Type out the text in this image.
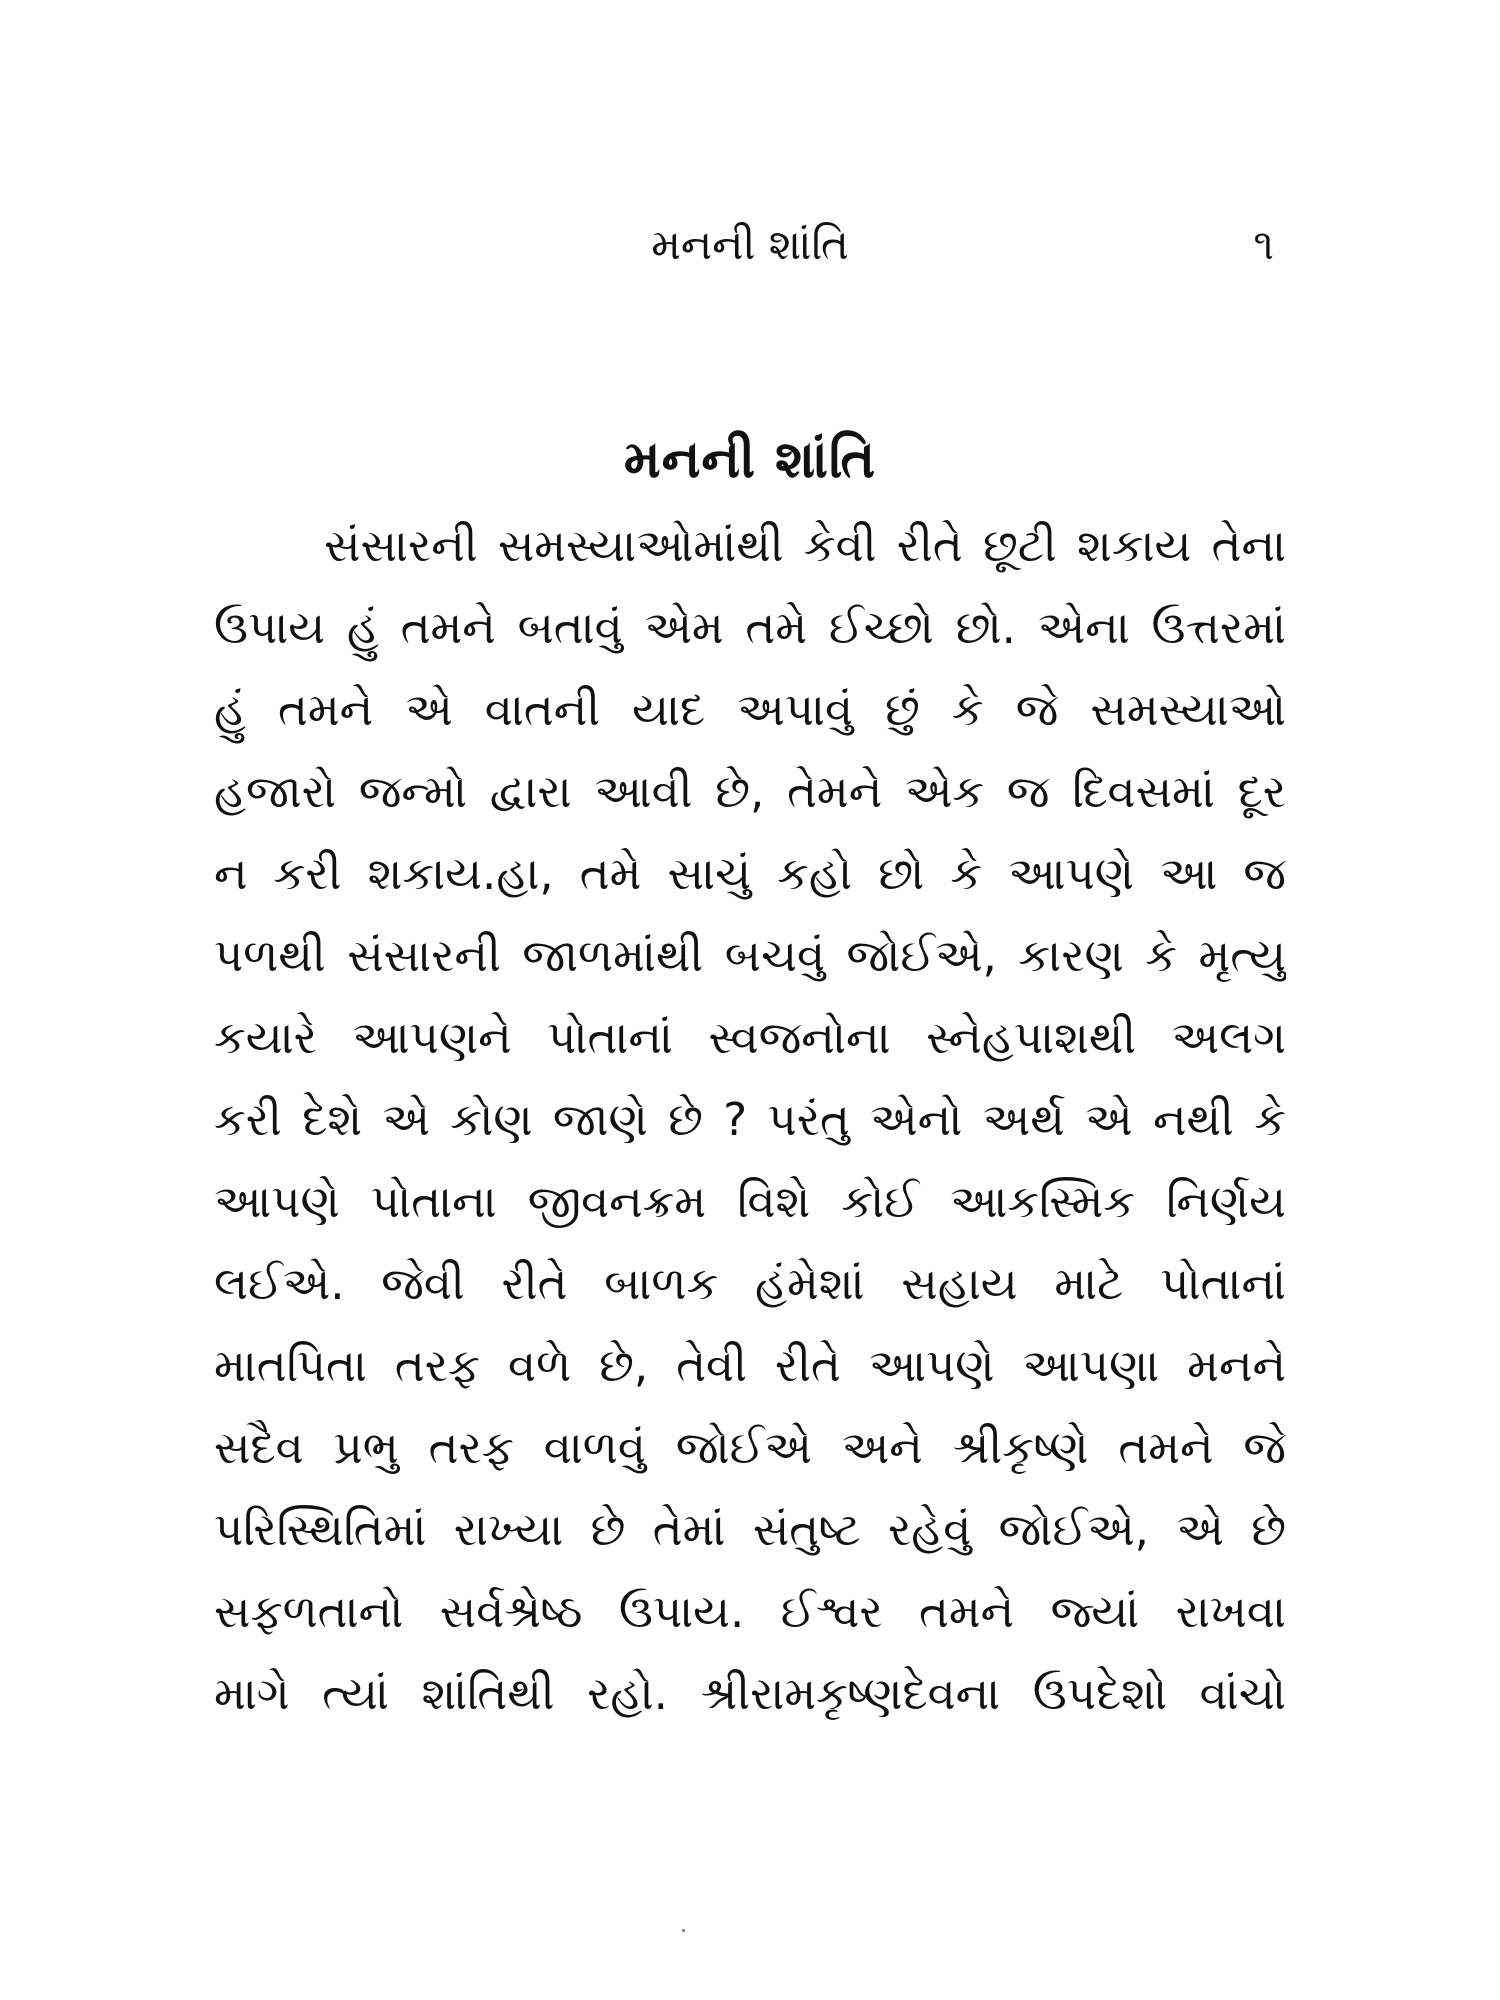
મનની શાંતિ	૧
મનની શાંતિ
સંસારની સમસ્યાઓમાંથી કેવી રીતે છૂટી શકાય તેના
ઉપાય હું તમને બતાવું એમ તમે ઈચ્છો છો. એના ઉત્તરમાં
હું તમને એ વાતની યાદ અપાવું છું કે જે સમસ્યાઓ
હજારો જન્મો દ્વારા આવી છે, તેમને એક જ દિવસમાં દૂર
ન કરી શકાય.હા, તમે સાચું કહો છો કે આપણે આ જ
પળથી સંસારની જાળમાંથી બચવું જોઈએ, કારણ કે મૃત્યુ
કયારે આપણને પોતાનાં સ્વજનોના સ્નેહપાશથી અલગ
કરી દેશે એ કોણ જાણે છે ? પરંતુ એનો અર્થ એ નથી કે
આપણે પોતાના જીવનક્રમ વિશે કોઈ આકસ્મિક નિર્ણય
લઈએ. જેવી રીતે બાળક હંમેશાં સહાય માટે પોતાનાં
માતપિતા તરફ વળે છે, તેવી રીતે આપણે આપણા મનને
સદૈવ પ્રભુ તરફ વાળવું જોઈએ અને શ્રીકૃષ્ણે તમને જે
પરિસ્થિતિમાં રાખ્યા છે તેમાં સંતુષ્ટ રહેવું જોઈએ, એ છે
સફળતાનો સર્વશ્રેષ્ઠ ઉપાય. ઈશ્વર તમને જ્યાં રાખવા
માગે ત્યાં શાંતિથી રહો. શ્રીરામકૃષ્ણદેવના ઉપદેશો વાંચો
